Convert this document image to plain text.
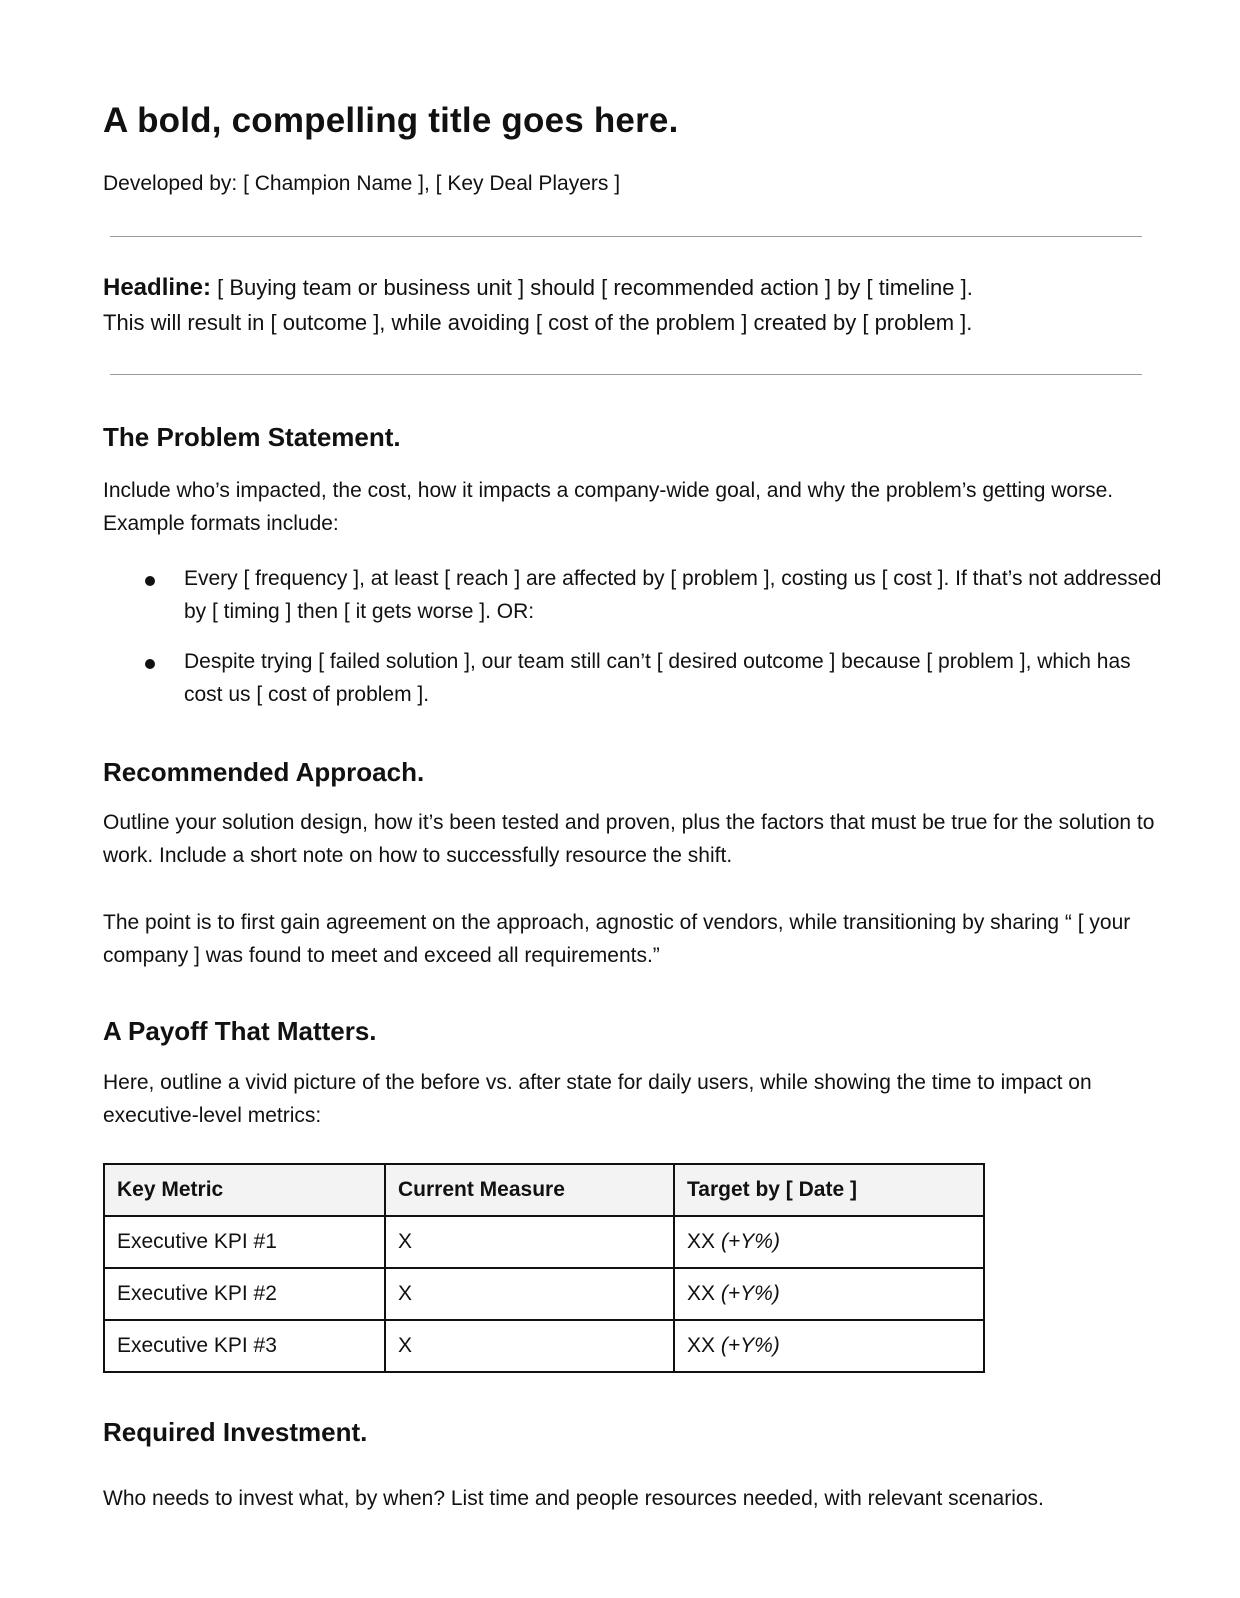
A bold, compelling title goes here.

Developed by: [ Champion Name ], [ Key Deal Players ]

Headline: [ Buying team or business unit ] should [ recommended action ] by [ timeline ].
This will result in [ outcome ], while avoiding [ cost of the problem ] created by [ problem ].

The Problem Statement.

Include who’s impacted, the cost, how it impacts a company-wide goal, and why the problem’s getting worse. Example formats include:

Every [ frequency ], at least [ reach ] are affected by [ problem ], costing us [ cost ]. If that’s not addressed by [ timing ] then [ it gets worse ]. OR:
Despite trying [ failed solution ], our team still can’t [ desired outcome ] because [ problem ], which has cost us [ cost of problem ].
Recommended Approach.

Outline your solution design, how it’s been tested and proven, plus the factors that must be true for the solution to work. Include a short note on how to successfully resource the shift.

The point is to first gain agreement on the approach, agnostic of vendors, while transitioning by sharing “ [ your company ] was found to meet and exceed all requirements.”

A Payoff That Matters.

Here, outline a vivid picture of the before vs. after state for daily users, while showing the time to impact on executive-level metrics:

Key Metric	Current Measure	Target by [ Date ]
Executive KPI #1	X	XX (+Y%)
Executive KPI #2	X	XX (+Y%)
Executive KPI #3	X	XX (+Y%)
Required Investment.

Who needs to invest what, by when? List time and people resources needed, with relevant scenarios.
